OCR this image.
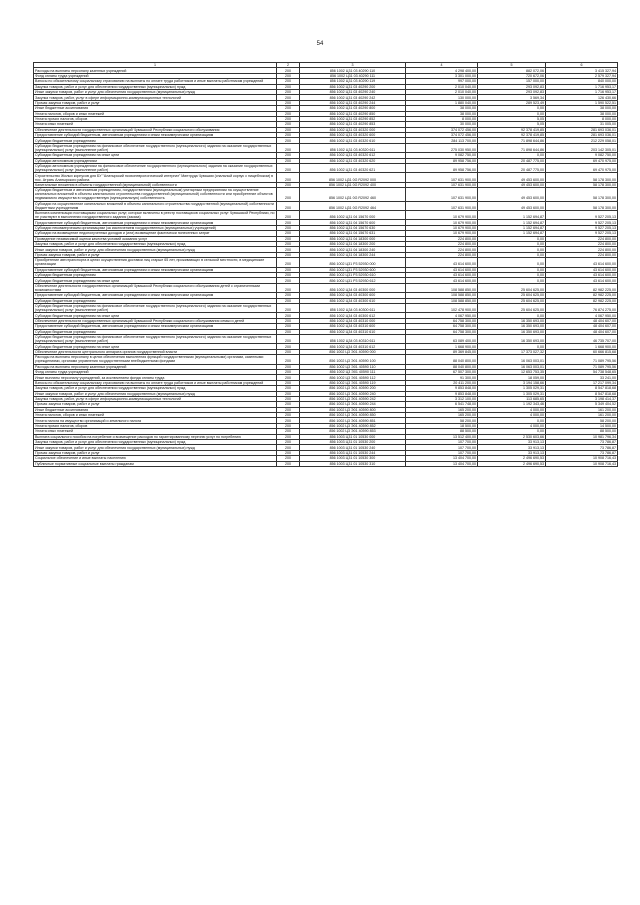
54
1	2	3	4	5	6
Расходы на выплаты персоналу казенных учреждений	200	856 1002 Ц31 03 40290 110	4 298 400,00	882 072,06	3 415 327,94
Фонд оплаты труда учреждений	200	856 1002 Ц31 03 40290 111	3 301 000,00	720 672,06	2 579 327,94
Взносы по обязательному социальному страхованию на выплаты по оплате труда работников и иные выплаты работникам учреждений	200	856 1002 Ц31 03 40290 119	997 000,00	157 000,00	840 000,00
Закупка товаров, работ и услуг для обеспечения государственных (муниципальных) нужд	200	856 1002 Ц31 03 40290 200	2 010 040,00	293 092,83	1 716 953,17
Иные закупки товаров, работ и услуг для обеспечения государственных (муниципальных) нужд	200	856 1002 Ц31 03 40290 240	2 010 040,00	293 092,83	1 716 953,17
Закупка товаров, работ, услуг в сфере информационно-коммуникационных технологий	200	856 1002 Ц31 03 40290 242	130 000,00	3 569,34	126 430,66
Прочая закупка товаров, работ и услуг	200	856 1002 Ц31 03 40290 244	1 880 040,00	289 523,49	1 590 522,51
Иные бюджетные ассигнования	200	856 1002 Ц31 03 40290 800	38 000,00	0,00	38 000,00
Уплата налогов, сборов и иных платежей	200	856 1002 Ц31 03 40290 850	38 000,00	0,00	38 000,00
Уплата прочих налогов, сборов	200	856 1002 Ц31 03 40290 852	8 000,00	5,05	8 000,00
Уплата иных платежей	200	856 1002 Ц31 03 40290 853	30 000,00	5,05	31 005,00
Обеспечение деятельности государственных организаций Чувашской Республики социального обслуживания	200	856 1002 Ц31 03 40320 000	374 072 456,00	92 378 419,85	281 693 036,01
Предоставление субсидий бюджетным, автономным учреждениям и иным некоммерческим организациям	200	856 1002 Ц31 03 40320 600	374 072 456,00	92 378 419,85	281 693 036,01
Субсидии бюджетным учреждениям	200	856 1002 Ц31 03 40320 610	284 113 700,00	71 898 644,86	212 229 058,01
Субсидии бюджетным учреждениям на финансовое обеспечение государственного (муниципального) задания на оказание государственных (муниципальных) услуг (выполнение работ)	200	856 1002 Ц31 03 40320 611	275 030 950,00	71 898 644,86	203 142 305,01
Субсидии бюджетным учреждениям на иные цели	200	856 1002 Ц31 03 40320 612	9 082 750,00	0,00	9 082 750,00
Субсидии автономным учреждениям	200	856 1002 Ц31 03 40320 620	89 958 756,00	20 487 775,00	69 470 975,00
Субсидии автономным учреждениям на финансовое обеспечение государственного (муниципального) задания на оказание государственных (муниципальных) услуг (выполнение работ)	200	856 1002 Ц31 03 40320 621	89 958 756,00	20 487 775,00	69 470 975,00
Строительство Жилых корпусов для БУ "Алатырский психоневрологический интернат" Минтруда Чувашии (спальный корпус с пищеблоком) в пос. Атрать Алатырского района	200	856 1002 Ц31 0G R2092 000	107 631 900,00	49 453 600,00	58 178 300,00
Капитальные вложения в объекты государственной (муниципальной) собственности	200	856 1002 Ц31 0G R2092 400	107 631 900,00	49 453 600,00	58 178 300,00
Субсидии бюджетным и автономным учреждениям, государственным (муниципальным) унитарным предприятиям на осуществление капитальных вложений в объекты капитального строительства государственной (муниципальной) собственности или приобретение объектов недвижимого имущества в государственную (муниципальную) собственность	200	856 1002 Ц31 0G R2092 460	107 631 900,00	49 453 600,00	58 178 300,00
Субсидии на осуществление капитальных вложений в объекты капитального строительства государственной (муниципальной) собственности бюджетным учреждениям	200	856 1002 Ц31 0G R2092 464	107 631 900,00	49 453 600,00	58 178 300,00
Выплата компенсации поставщикам социальных услуг, которые включены в реестр поставщиков социальных услуг Чувашской Республики, но не участвуют в выполнении государственного задания (заказа)	200	856 1002 Ц31 04 15670 000	10 679 900,00	1 152 694,87	9 527 205,13
Предоставление субсидий бюджетным, автономным учреждениям и иным некоммерческим организациям	200	856 1002 Ц31 04 15670 600	10 679 900,00	1 152 694,87	9 527 205,13
Субсидии некоммерческим организациям (за исключением государственных (муниципальных) учреждений)	200	856 1002 Ц31 04 15670 630	10 679 900,00	1 152 694,87	9 527 205,13
Субсидии на возмещение недополученных доходов и (или) возмещение фактически понесенных затрат	200	856 1002 Ц31 04 15670 631	10 679 900,00	1 152 694,87	9 527 205,13
Проведение независимой оценки качества условий оказания услуг	200	856 1002 Ц31 04 18300 000	224 800,00	0,00	224 800,00
Закупка товаров, работ и услуг для обеспечения государственных (муниципальных) нужд	200	856 1002 Ц31 04 18300 200	224 800,00	0,00	224 800,00
Иные закупки товаров, работ и услуг для обеспечения государственных (муниципальных) нужд	200	856 1002 Ц31 04 18300 240	224 800,00	0,00	224 800,00
Прочая закупка товаров, работ и услуг	200	856 1002 Ц31 04 18300 244	224 800,00	0,00	224 800,00
Приобретение автотранспорта в целях осуществления доставки лиц старше 65 лет, проживающих в сельской местности, в медицинские организации	200	856 1002 Ц31 P3 52930 000	43 614 600,00	0,00	43 614 600,00
Предоставление субсидий бюджетным, автономным учреждениям и иным некоммерческим организациям	200	856 1002 Ц31 P3 52930 600	43 614 600,00	0,00	43 614 600,00
Субсидии бюджетным учреждениям	200	856 1002 Ц31 P3 52930 610	43 614 600,00	0,00	43 614 600,00
Субсидии бюджетным учреждениям на иные цели	200	856 1002 Ц31 P3 52930 612	43 614 600,00	0,00	43 614 600,00
Обеспечение деятельности государственных организаций Чувашской Республики социального обслуживания детей с ограниченными возможностями	200	856 1002 Ц34 03 40300 000	108 588 850,00	25 604 625,00	82 982 225,00
Предоставление субсидий бюджетным, автономным учреждениям и иным некоммерческим организациям	200	856 1002 Ц34 03 40300 600	108 588 850,00	25 604 625,00	82 982 225,00
Субсидии бюджетным учреждениям	200	856 1002 Ц34 03 40300 610	108 588 850,00	25 604 625,00	82 982 225,00
Субсидии бюджетным учреждениям на финансовое обеспечение государственного (муниципального) задания на оказание государственных (муниципальных) услуг (выполнение работ)	200	856 1002 Ц34 03 40300 611	102 478 900,00	25 604 625,00	76 874 275,00
Субсидии бюджетным учреждениям на иные цели	200	856 1002 Ц34 03 40300 612	4 067 950,00	0,00	4 067 950,00
Обеспечение деятельности государственных организаций Чувашской Республики социального обслуживания семьи и детей	200	856 1002 Ц34 03 40310 000	64 758 300,00	16 350 693,00	48 404 607,00
Предоставление субсидий бюджетным, автономным учреждениям и иным некоммерческим организациям	200	856 1002 Ц34 03 40310 600	64 758 300,00	16 350 693,00	48 404 607,00
Субсидии бюджетным учреждениям	200	856 1002 Ц34 03 40310 610	64 758 300,00	16 350 693,00	48 404 607,00
Субсидии бюджетным учреждениям на финансовое обеспечение государственного (муниципального) задания на оказание государственных (муниципальных) услуг (выполнение работ)	200	856 1002 Ц34 03 40310 611	63 089 400,00	16 350 693,00	46 735 707,00
Субсидии бюджетным учреждениям на иные цели	200	856 1002 Ц34 03 40310 612	1 668 900,00	0,00	1 668 900,00
Обеспечение деятельности центрального аппарата органов государственной власти	200	856 1002 Ц3 Э01 40590 000	89 369 845,00	17 373 027,32	60 666 815,68
Расходы на выплаты персоналу в целях обеспечения выполнения функций государственными (муниципальными) органами, казенными учреждениями, органами управления государственными внебюджетными фондами	200	856 1002 Ц3 Э01 40590 100	88 040 800,00	16 063 003,01	71 089 795,56
Расходы на выплаты персоналу казенных учреждений	200	856 1002 Ц3 Э01 40590 110	88 040 800,00	16 063 003,01	71 089 795,56
Фонд оплаты труда учреждений	200	856 1002 Ц3 Э01 40590 111	67 507 300,00	12 653 753,35	54 738 548,65
Иные выплаты персоналу учреждений, за исключением фонда оплаты труда	200	856 1002 Ц3 Э01 40590 112	91 300,00	18 059,00	33 241,00
Взносы по обязательному социальному страхованию на выплаты по оплате труда работников и иные выплаты работникам учреждений	200	856 1002 Ц3 Э01 40590 119	20 411 200,00	3 194 158,66	17 217 099,34
Закупка товаров, работ и услуг для обеспечения государственных (муниципальных) нужд	200	856 1002 Ц3 Э01 40590 200	9 853 848,00	1 305 029,31	8 547 818,68
Иные закупки товаров, работ и услуг для обеспечения государственных (муниципальных) нужд	200	856 1002 Ц3 Э01 40590 240	9 853 848,00	1 305 029,31	8 547 818,68
Закупка товаров, работ, услуг в сфере информационно-коммуникационных технологий	200	856 1002 Ц3 Э01 40590 242	3 312 100,00	113 685,65	3 198 414,37
Прочая закупка товаров, работ и услуг	200	856 1002 Ц3 Э01 40590 244	6 541 748,00	1 192 343,46	5 349 404,52
Иные бюджетные ассигнования	200	856 1002 Ц3 Э01 40590 800	165 200,00	4 000,00	161 200,00
Уплата налогов, сборов и иных платежей	200	856 1002 Ц3 Э01 40590 850	165 200,00	4 000,00	161 200,00
Уплата налога на имущество организаций и земельного налога	200	856 1002 Ц3 Э01 40590 851	58 200,00	0,00	58 200,00
Уплата прочих налогов, сборов	200	856 1002 Ц3 Э01 40590 852	18 500,00	4 000,00	14 500,00
Уплата иных платежей	200	856 1002 Ц3 Э01 40590 853	88 500,00	0,00	88 500,00
Выплата социального пособия на погребение и возмещение расходов по гарантированному перечню услуг по погребению	200	856 1003 Ц31 01 10530 000	13 512 400,00	2 530 603,66	10 981 796,34
Закупка товаров, работ и услуг для обеспечения государственных (муниципальных) нужд	200	856 1003 Ц31 01 10530 200	107 700,00	33 913,13	73 786,87
Иные закупки товаров, работ и услуг для обеспечения государственных (муниципальных) нужд	200	856 1003 Ц31 01 10530 240	107 700,00	33 913,13	73 786,87
Прочая закупка товаров, работ и услуг	200	856 1003 Ц31 01 10530 244	107 700,00	33 913,13	73 786,87
Социальное обеспечение и иные выплаты населению	200	856 1003 Ц31 01 10530 300	13 404 700,00	2 496 690,53	10 908 716,43
Публичные нормативные социальные выплаты гражданам	200	856 1003 Ц31 01 10530 310	13 404 700,00	2 496 690,53	10 908 716,43
